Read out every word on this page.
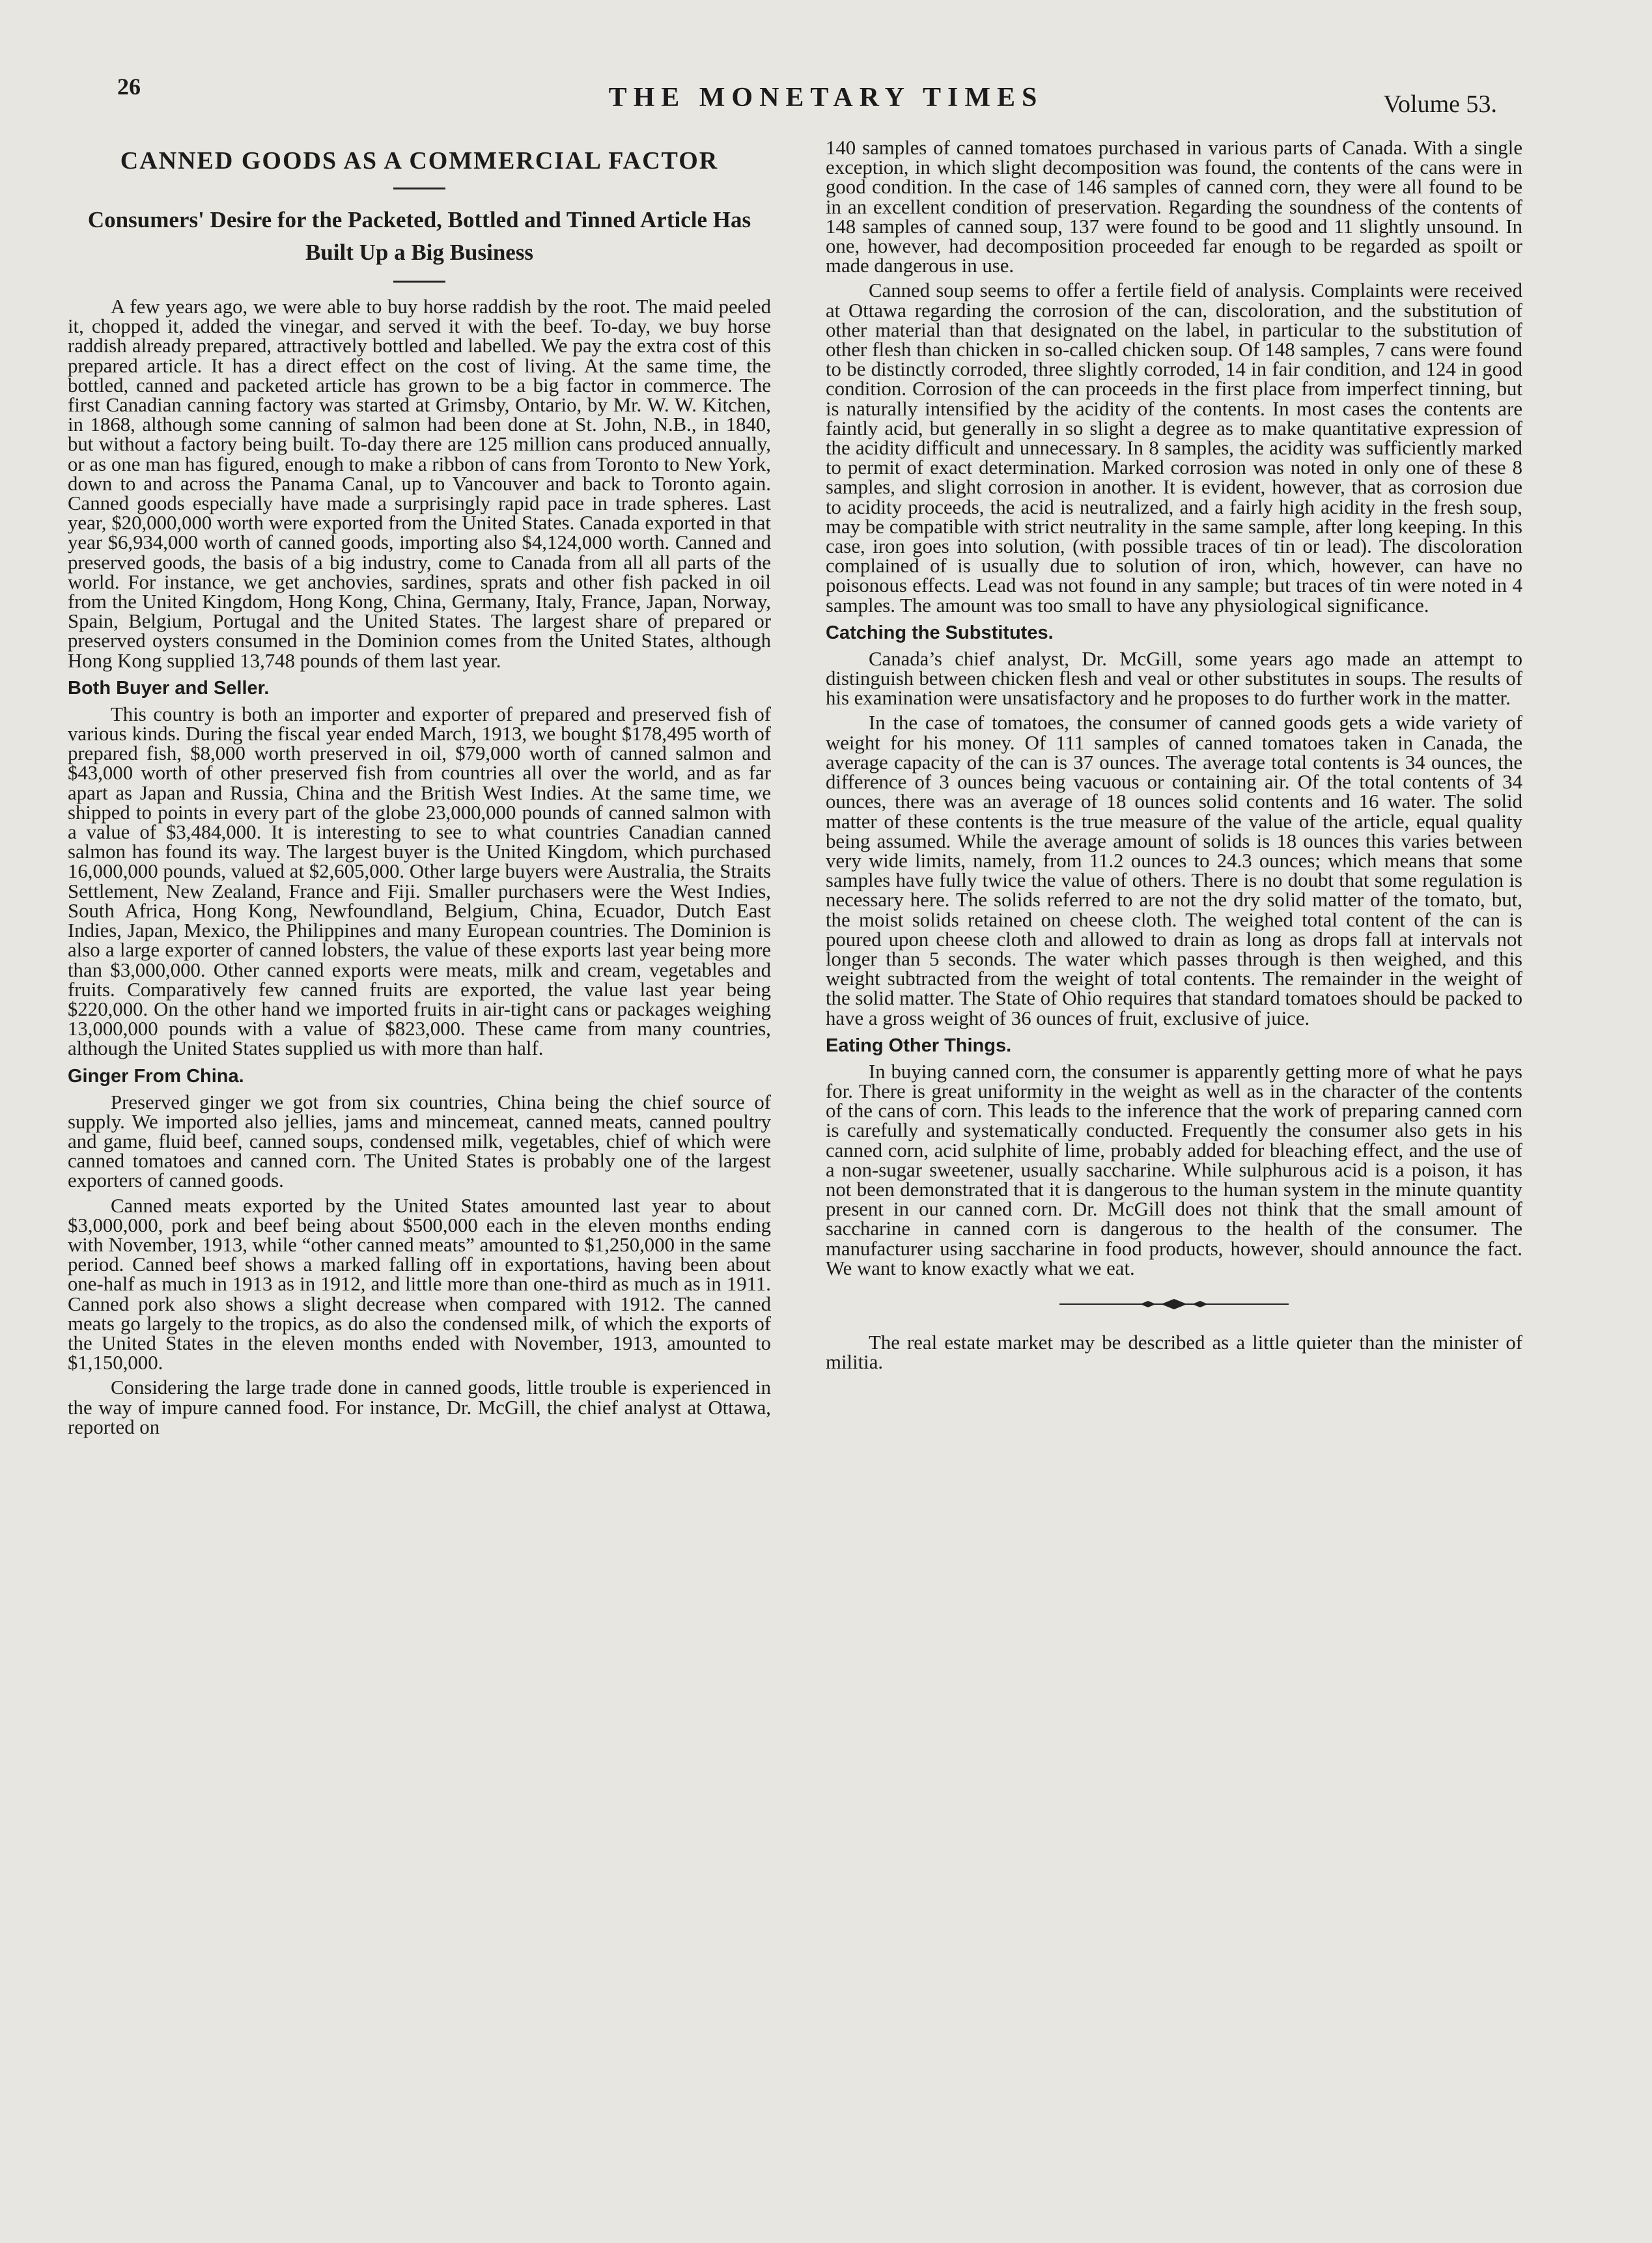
26	THE MONETARY TIMES	Volume 53.
CANNED GOODS AS A COMMERCIAL FACTOR
Consumers' Desire for the Packeted, Bottled and Tinned Article Has Built Up a Big Business

A few years ago, we were able to buy horse raddish by the root. The maid peeled it, chopped it, added the vinegar, and served it with the beef. To-day, we buy horse raddish already prepared, attractively bottled and labelled. We pay the extra cost of this prepared article. It has a direct effect on the cost of living. At the same time, the bottled, canned and packeted article has grown to be a big factor in commerce. The first Canadian canning factory was started at Grimsby, Ontario, by Mr. W. W. Kitchen, in 1868, although some canning of salmon had been done at St. John, N.B., in 1840, but without a factory being built. To-day there are 125 million cans produced annually, or as one man has figured, enough to make a ribbon of cans from Toronto to New York, down to and across the Panama Canal, up to Vancouver and back to Toronto again. Canned goods especially have made a surprisingly rapid pace in trade spheres. Last year, $20,000,000 worth were exported from the United States. Canada exported in that year $6,934,000 worth of canned goods, importing also $4,124,000 worth. Canned and preserved goods, the basis of a big industry, come to Canada from all all parts of the world. For instance, we get anchovies, sardines, sprats and other fish packed in oil from the United Kingdom, Hong Kong, China, Germany, Italy, France, Japan, Norway, Spain, Belgium, Portugal and the United States. The largest share of prepared or preserved oysters consumed in the Dominion comes from the United States, although Hong Kong supplied 13,748 pounds of them last year.

Both Buyer and Seller.

This country is both an importer and exporter of prepared and preserved fish of various kinds. During the fiscal year ended March, 1913, we bought $178,495 worth of prepared fish, $8,000 worth preserved in oil, $79,000 worth of canned salmon and $43,000 worth of other preserved fish from countries all over the world, and as far apart as Japan and Russia, China and the British West Indies. At the same time, we shipped to points in every part of the globe 23,000,000 pounds of canned salmon with a value of $3,484,000. It is interesting to see to what countries Canadian canned salmon has found its way. The largest buyer is the United Kingdom, which purchased 16,000,000 pounds, valued at $2,605,000. Other large buyers were Australia, the Straits Settlement, New Zealand, France and Fiji. Smaller purchasers were the West Indies, South Africa, Hong Kong, Newfoundland, Belgium, China, Ecuador, Dutch East Indies, Japan, Mexico, the Philippines and many European countries. The Dominion is also a large exporter of canned lobsters, the value of these exports last year being more than $3,000,000. Other canned exports were meats, milk and cream, vegetables and fruits. Comparatively few canned fruits are exported, the value last year being $220,000. On the other hand we imported fruits in air-tight cans or packages weighing 13,000,000 pounds with a value of $823,000. These came from many countries, although the United States supplied us with more than half.

Ginger From China.

Preserved ginger we got from six countries, China being the chief source of supply. We imported also jellies, jams and mincemeat, canned meats, canned poultry and game, fluid beef, canned soups, condensed milk, vegetables, chief of which were canned tomatoes and canned corn. The United States is probably one of the largest exporters of canned goods.

Canned meats exported by the United States amounted last year to about $3,000,000, pork and beef being about $500,000 each in the eleven months ending with November, 1913, while “other canned meats” amounted to $1,250,000 in the same period. Canned beef shows a marked falling off in exportations, having been about one-half as much in 1913 as in 1912, and little more than one-third as much as in 1911. Canned pork also shows a slight decrease when compared with 1912. The canned meats go largely to the tropics, as do also the condensed milk, of which the exports of the United States in the eleven months ended with November, 1913, amounted to $1,150,000.

Considering the large trade done in canned goods, little trouble is experienced in the way of impure canned food. For instance, Dr. McGill, the chief analyst at Ottawa, reported on

140 samples of canned tomatoes purchased in various parts of Canada. With a single exception, in which slight decomposition was found, the contents of the cans were in good condition. In the case of 146 samples of canned corn, they were all found to be in an excellent condition of preservation. Regarding the soundness of the contents of 148 samples of canned soup, 137 were found to be good and 11 slightly unsound. In one, however, had decomposition proceeded far enough to be regarded as spoilt or made dangerous in use.

Canned soup seems to offer a fertile field of analysis. Complaints were received at Ottawa regarding the corrosion of the can, discoloration, and the substitution of other material than that designated on the label, in particular to the substitution of other flesh than chicken in so-called chicken soup. Of 148 samples, 7 cans were found to be distinctly corroded, three slightly corroded, 14 in fair condition, and 124 in good condition. Corrosion of the can proceeds in the first place from imperfect tinning, but is naturally intensified by the acidity of the contents. In most cases the contents are faintly acid, but generally in so slight a degree as to make quantitative expression of the acidity difficult and unnecessary. In 8 samples, the acidity was sufficiently marked to permit of exact determination. Marked corrosion was noted in only one of these 8 samples, and slight corrosion in another. It is evident, however, that as corrosion due to acidity proceeds, the acid is neutralized, and a fairly high acidity in the fresh soup, may be compatible with strict neutrality in the same sample, after long keeping. In this case, iron goes into solution, (with possible traces of tin or lead). The discoloration complained of is usually due to solution of iron, which, however, can have no poisonous effects. Lead was not found in any sample; but traces of tin were noted in 4 samples. The amount was too small to have any physiological significance.

Catching the Substitutes.

Canada’s chief analyst, Dr. McGill, some years ago made an attempt to distinguish between chicken flesh and veal or other substitutes in soups. The results of his examination were unsatisfactory and he proposes to do further work in the matter.

In the case of tomatoes, the consumer of canned goods gets a wide variety of weight for his money. Of 111 samples of canned tomatoes taken in Canada, the average capacity of the can is 37 ounces. The average total contents is 34 ounces, the difference of 3 ounces being vacuous or containing air. Of the total contents of 34 ounces, there was an average of 18 ounces solid contents and 16 water. The solid matter of these contents is the true measure of the value of the article, equal quality being assumed. While the average amount of solids is 18 ounces this varies between very wide limits, namely, from 11.2 ounces to 24.3 ounces; which means that some samples have fully twice the value of others. There is no doubt that some regulation is necessary here. The solids referred to are not the dry solid matter of the tomato, but, the moist solids retained on cheese cloth. The weighed total content of the can is poured upon cheese cloth and allowed to drain as long as drops fall at intervals not longer than 5 seconds. The water which passes through is then weighed, and this weight subtracted from the weight of total contents. The remainder in the weight of the solid matter. The State of Ohio requires that standard tomatoes should be packed to have a gross weight of 36 ounces of fruit, exclusive of juice.

Eating Other Things.

In buying canned corn, the consumer is apparently getting more of what he pays for. There is great uniformity in the weight as well as in the character of the contents of the cans of corn. This leads to the inference that the work of preparing canned corn is carefully and systematically conducted. Frequently the consumer also gets in his canned corn, acid sulphite of lime, probably added for bleaching effect, and the use of a non-sugar sweetener, usually saccharine. While sulphurous acid is a poison, it has not been demonstrated that it is dangerous to the human system in the minute quantity present in our canned corn. Dr. McGill does not think that the small amount of saccharine in canned corn is dangerous to the health of the consumer. The manufacturer using saccharine in food products, however, should announce the fact. We want to know exactly what we eat.

The real estate market may be described as a little quieter than the minister of militia.
